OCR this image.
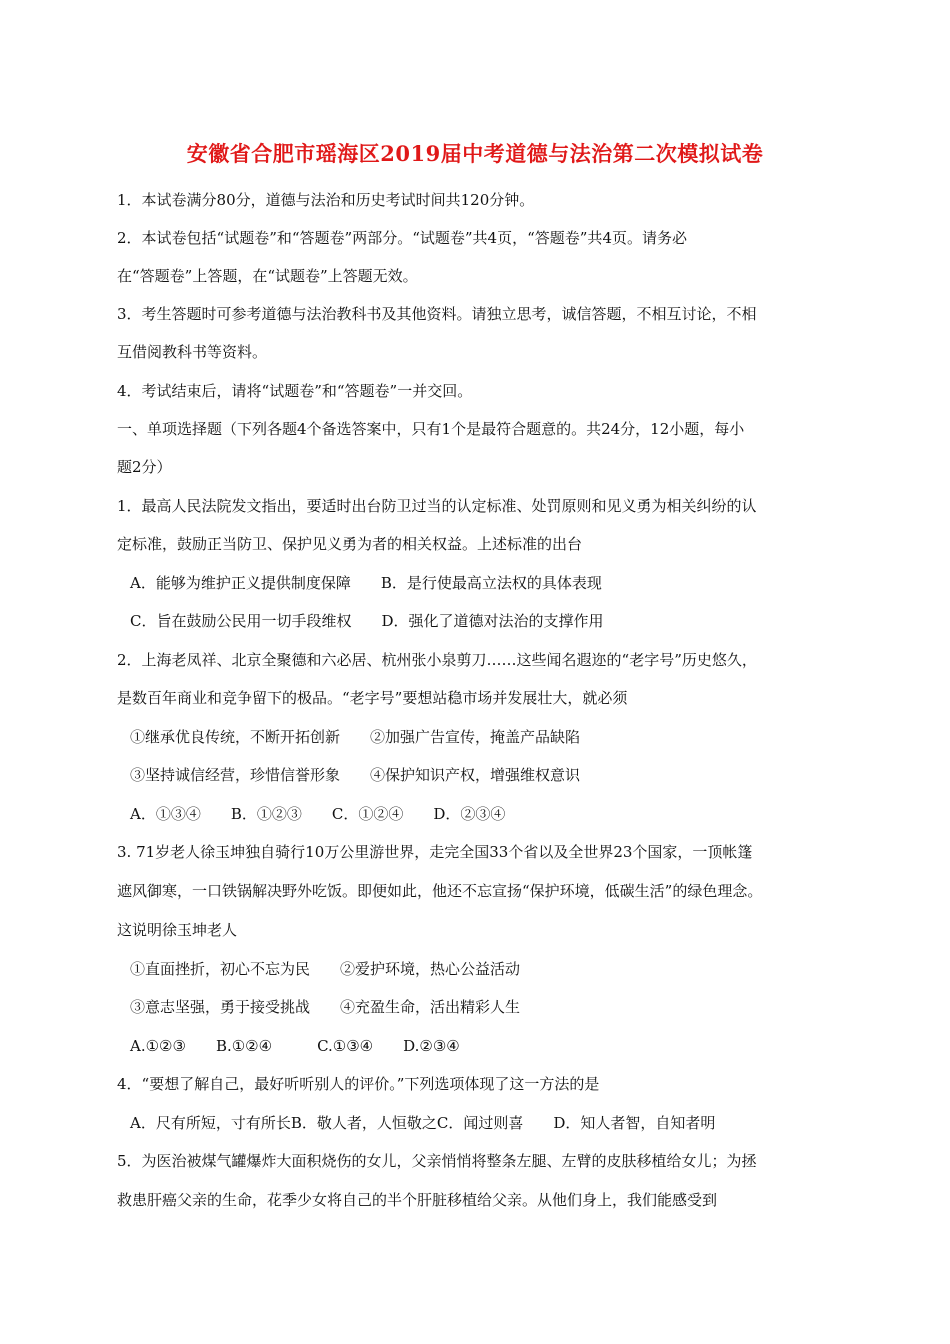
安徽省合肥市瑶海区2019届中考道德与法治第二次模拟试卷
1．本试卷满分80分，道德与法治和历史考试时间共120分钟。
2．本试卷包括“试题卷”和“答题卷”两部分。“试题卷”共4页，“答题卷”共4页。请务必
在“答题卷”上答题，在“试题卷”上答题无效。
3．考生答题时可参考道德与法治教科书及其他资料。请独立思考，诚信答题，不相互讨论，不相
互借阅教科书等资料。
4．考试结束后，请将“试题卷”和“答题卷”一并交回。
一、单项选择题（下列各题4个备选答案中，只有1个是最符合题意的。共24分，12小题，每小
题2分）
1．最高人民法院发文指出，要适时出台防卫过当的认定标准、处罚原则和见义勇为相关纠纷的认
定标准，鼓励正当防卫、保护见义勇为者的相关权益。上述标准的出台
A．能够为维护正义提供制度保障　　B．是行使最高立法权的具体表现
C．旨在鼓励公民用一切手段维权　　D．强化了道德对法治的支撑作用
2．上海老凤祥、北京全聚德和六必居、杭州张小泉剪刀……这些闻名遐迩的“老字号”历史悠久，
是数百年商业和竞争留下的极品。“老字号”要想站稳市场并发展壮大，就必须
①继承优良传统，不断开拓创新　　②加强广告宣传，掩盖产品缺陷
③坚持诚信经营，珍惜信誉形象　　④保护知识产权，增强维权意识
A．①③④　　B．①②③　　C．①②④　　D．②③④
3. 71岁老人徐玉坤独自骑行10万公里游世界，走完全国33个省以及全世界23个国家，一顶帐篷
遮风御寒，一口铁锅解决野外吃饭。即便如此，他还不忘宣扬“保护环境，低碳生活”的绿色理念。
这说明徐玉坤老人
①直面挫折，初心不忘为民　　②爱护环境，热心公益活动
③意志坚强，勇于接受挑战　　④充盈生命，活出精彩人生
A.①②③　　B.①②④　　　C.①③④　　D.②③④
4．“要想了解自己，最好听听别人的评价。”下列选项体现了这一方法的是
A．尺有所短，寸有所长B．敬人者，人恒敬之C．闻过则喜　　D．知人者智，自知者明
5．为医治被煤气罐爆炸大面积烧伤的女儿，父亲悄悄将整条左腿、左臂的皮肤移植给女儿；为拯
救患肝癌父亲的生命，花季少女将自己的半个肝脏移植给父亲。从他们身上，我们能感受到
